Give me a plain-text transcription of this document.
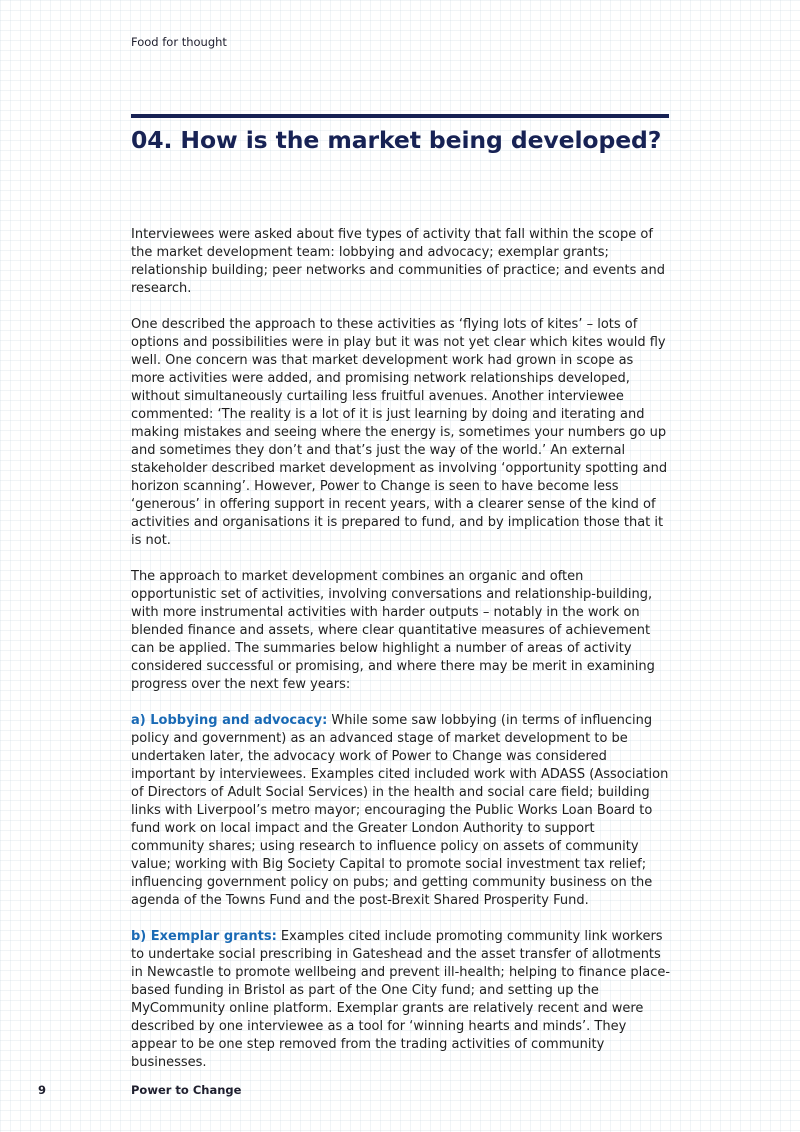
Food for thought
04. How is the market being developed?

Interviewees were asked about five types of activity that fall within the scope of the market development team: lobbying and advocacy; exemplar grants; relationship building; peer networks and communities of practice; and events and research.

One described the approach to these activities as ‘flying lots of kites’ – lots of options and possibilities were in play but it was not yet clear which kites would fly well. One concern was that market development work had grown in scope as more activities were added, and promising network relationships developed, without simultaneously curtailing less fruitful avenues. Another interviewee commented: ‘The reality is a lot of it is just learning by doing and iterating and making mistakes and seeing where the energy is, sometimes your numbers go up and sometimes they don’t and that’s just the way of the world.’ An external stakeholder described market development as involving ‘opportunity spotting and horizon scanning’. However, Power to Change is seen to have become less ‘generous’ in offering support in recent years, with a clearer sense of the kind of activities and organisations it is prepared to fund, and by implication those that it is not.

The approach to market development combines an organic and often opportunistic set of activities, involving conversations and relationship-building, with more instrumental activities with harder outputs – notably in the work on blended finance and assets, where clear quantitative measures of achievement can be applied. The summaries below highlight a number of areas of activity considered successful or promising, and where there may be merit in examining progress over the next few years:

a) Lobbying and advocacy: While some saw lobbying (in terms of influencing policy and government) as an advanced stage of market development to be undertaken later, the advocacy work of Power to Change was considered important by interviewees. Examples cited included work with ADASS (Association of Directors of Adult Social Services) in the health and social care field; building links with Liverpool’s metro mayor; encouraging the Public Works Loan Board to fund work on local impact and the Greater London Authority to support community shares; using research to influence policy on assets of community value; working with Big Society Capital to promote social investment tax relief; influencing government policy on pubs; and getting community business on the agenda of the Towns Fund and the post-Brexit Shared Prosperity Fund.

b) Exemplar grants: Examples cited include promoting community link workers to undertake social prescribing in Gateshead and the asset transfer of allotments in Newcastle to promote wellbeing and prevent ill-health; helping to finance place-based funding in Bristol as part of the One City fund; and setting up the MyCommunity online platform. Exemplar grants are relatively recent and were described by one interviewee as a tool for ‘winning hearts and minds’. They appear to be one step removed from the trading activities of community businesses.

9	Power to Change
